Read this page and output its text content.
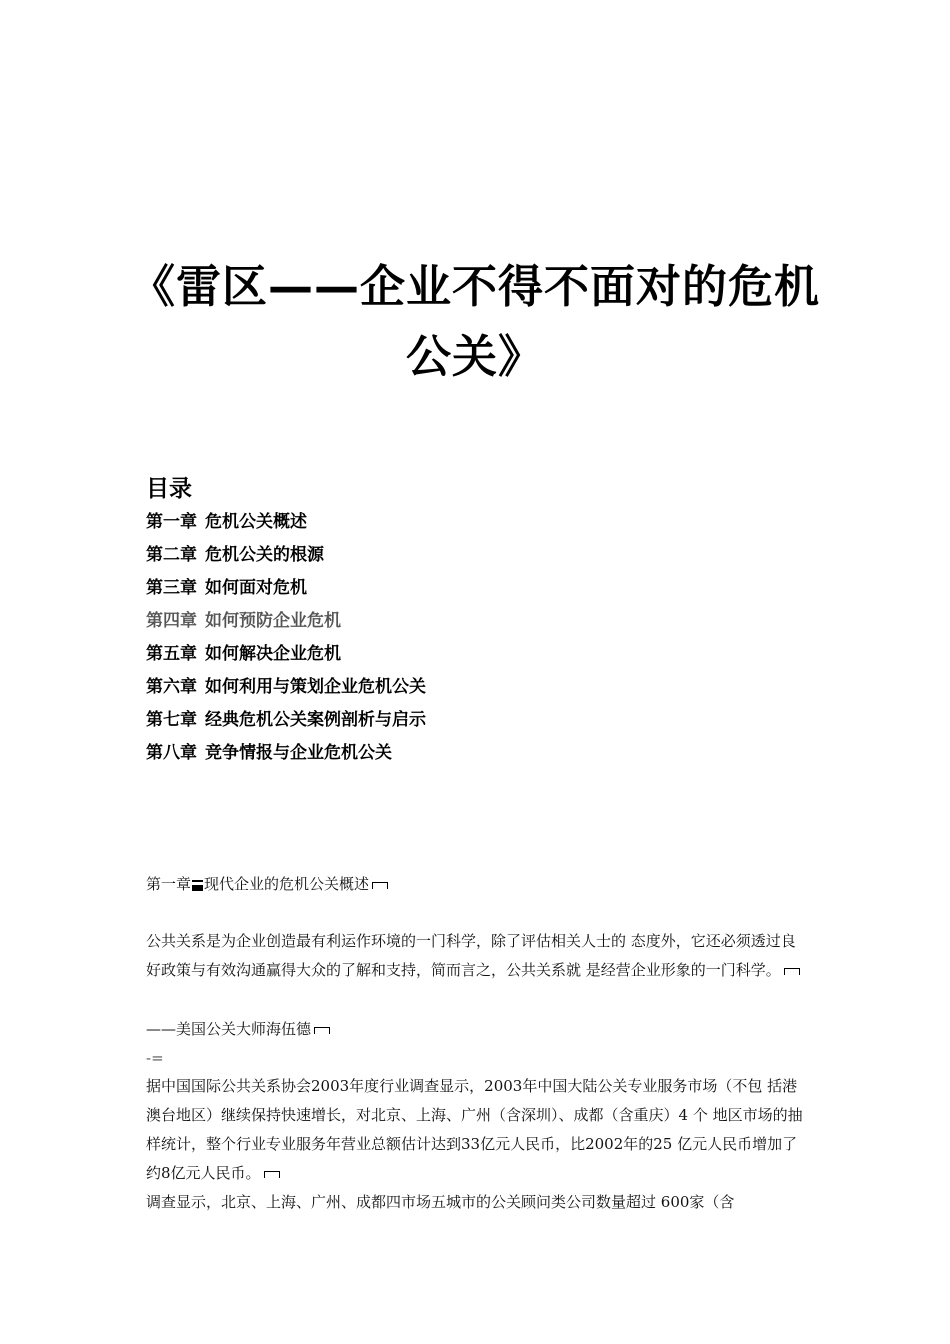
《雷区——企业不得不面对的危机
公关》
目录
第一章 危机公关概述
第二章 危机公关的根源
第三章 如何面对危机
第四章 如何预防企业危机
第五章 如何解决企业危机
第六章 如何利用与策划企业危机公关
第七章 经典危机公关案例剖析与启示
第八章 竞争情报与企业危机公关
第一章 现代企业的危机公关概述
公共关系是为企业创造最有利运作环境的一门科学，除了评估相关人士的 态度外，它还必须透过良好政策与有效沟通赢得大众的了解和支持，简而言之，公共关系就 是经营企业形象的一门科学。
——美国公关大师海伍德
-=
据中国国际公共关系协会2003年度行业调查显示，2003年中国大陆公关专业服务市场（不包 括港澳台地区）继续保持快速增长，对北京、上海、广州（含深圳）、成都（含重庆）4 个 地区市场的抽样统计，整个行业专业服务年营业总额估计达到33亿元人民币，比2002年的25 亿元人民币增加了约8亿元人民币。
调查显示，北京、上海、广州、成都四市场五城市的公关顾问类公司数量超过 600家（含
